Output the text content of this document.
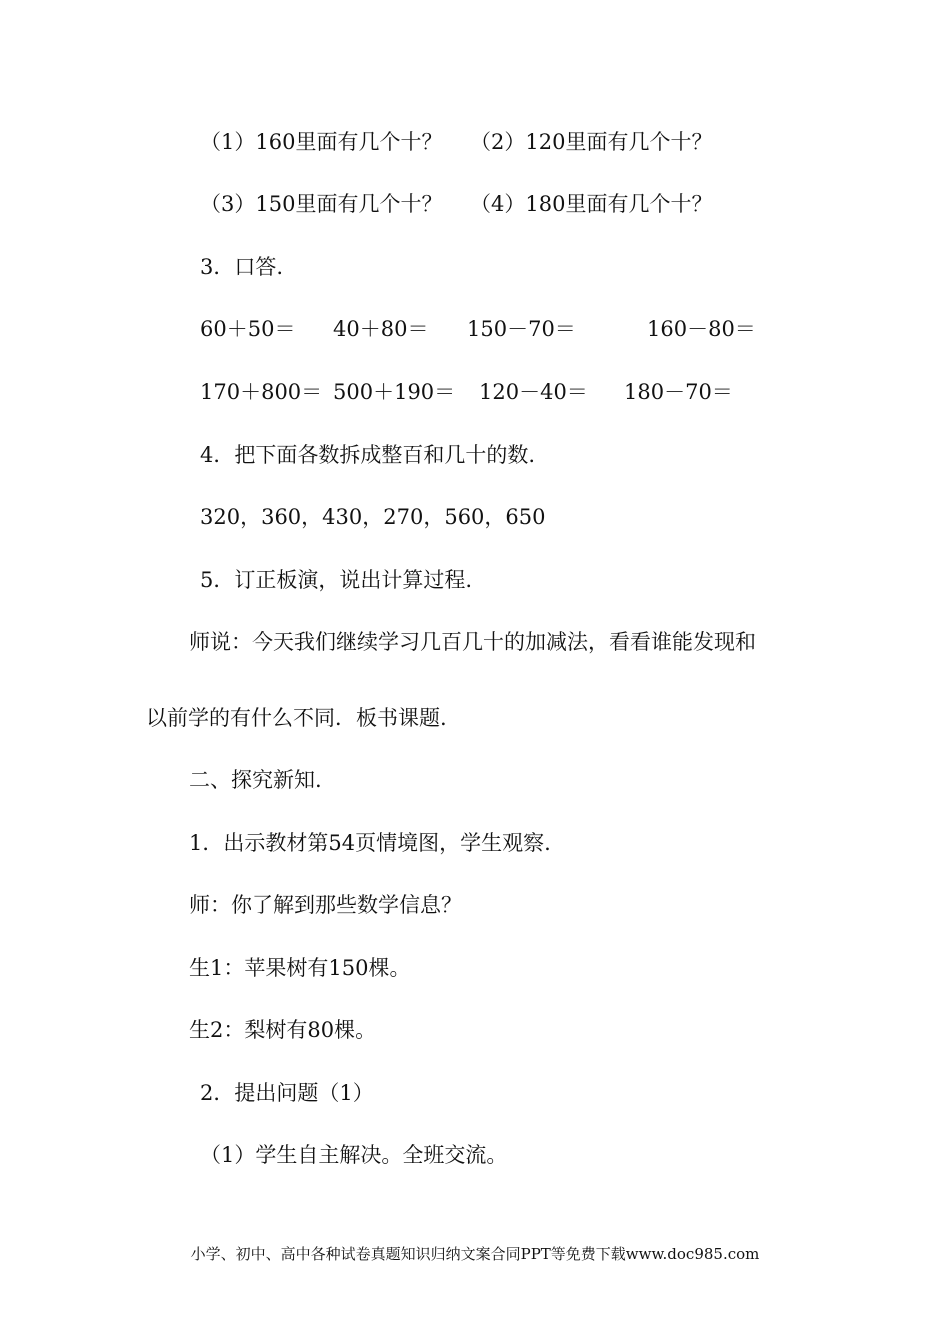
（1）160里面有几个十？ （2）120里面有几个十？
（3）150里面有几个十？ （4）180里面有几个十？
3．口答.
60＋50＝ 40＋80＝ 150－70＝	160－80＝
170＋800＝ 500＋190＝ 120－40＝ 180－70＝
4．把下面各数拆成整百和几十的数.
320，360，430，270，560，650
5．订正板演，说出计算过程.
师说：今天我们继续学习几百几十的加减法，看看谁能发现和
以前学的有什么不同．板书课题.
二、探究新知.
1．出示教材第54页情境图，学生观察.
师：你了解到那些数学信息？
生1：苹果树有150棵。
生2：梨树有80棵。
2．提出问题（1）
（1）学生自主解决。全班交流。
小学、初中、高中各种试卷真题知识归纳文案合同PPT等免费下载www.doc985.com
